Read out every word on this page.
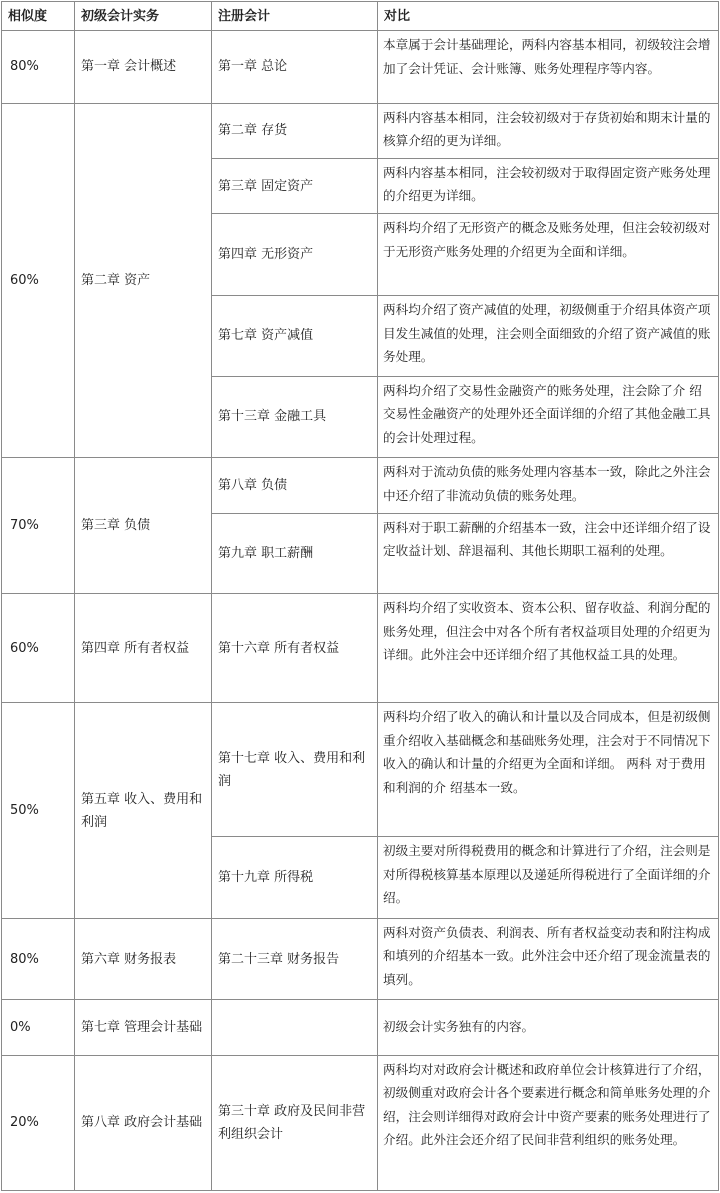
相似度	初级会计实务	注册会计	对比
80%	第一章 会计概述	第一章 总论	本章属于会计基础理论，两科内容基本相同，初级较注会增加了会计凭证、会计账簿、账务处理程序等内容。
60%	第二章 资产	第二章 存货	两科内容基本相同，注会较初级对于存货初始和期末计量的核算介绍的更为详细。
		第三章 固定资产	两科内容基本相同，注会较初级对于取得固定资产账务处理的介绍更为详细。
		第四章 无形资产	两科均介绍了无形资产的概念及账务处理，但注会较初级对于无形资产账务处理的介绍更为全面和详细。
		第七章 资产减值	两科均介绍了资产减值的处理，初级侧重于介绍具体资产项目发生减值的处理，注会则全面细致的介绍了资产减值的账务处理。
		第十三章 金融工具	两科均介绍了交易性金融资产的账务处理，注会除了介 绍交易性金融资产的处理外还全面详细的介绍了其他金融工具的会计处理过程。
70%	第三章 负债	第八章 负债	两科对于流动负债的账务处理内容基本一致，除此之外注会中还介绍了非流动负债的账务处理。
		第九章 职工薪酬	两科对于职工薪酬的介绍基本一致，注会中还详细介绍了设定收益计划、辞退福利、其他长期职工福利的处理。
60%	第四章 所有者权益	第十六章 所有者权益	两科均介绍了实收资本、资本公积、留存收益、利润分配的账务处理，但注会中对各个所有者权益项目处理的介绍更为详细。此外注会中还详细介绍了其他权益工具的处理。
50%	第五章 收入、费用和利润	第十七章 收入、费用和利润	两科均介绍了收入的确认和计量以及合同成本，但是初级侧重介绍收入基础概念和基础账务处理，注会对于不同情况下收入的确认和计量的介绍更为全面和详细。 两科 对于费用和利润的介 绍基本一致。
		第十九章 所得税	初级主要对所得税费用的概念和计算进行了介绍，注会则是对所得税核算基本原理以及递延所得税进行了全面详细的介绍。
80%	第六章 财务报表	第二十三章 财务报告	两科对资产负债表、利润表、所有者权益变动表和附注构成和填列的介绍基本一致。此外注会中还介绍了现金流量表的填列。
0%	第七章 管理会计基础		初级会计实务独有的内容。
20%	第八章 政府会计基础	第三十章 政府及民间非营利组织会计	两科均对对政府会计概述和政府单位会计核算进行了介绍，初级侧重对政府会计各个要素进行概念和简单账务处理的介绍，注会则详细得对政府会计中资产要素的账务处理进行了介绍。此外注会还介绍了民间非营利组织的账务处理。
